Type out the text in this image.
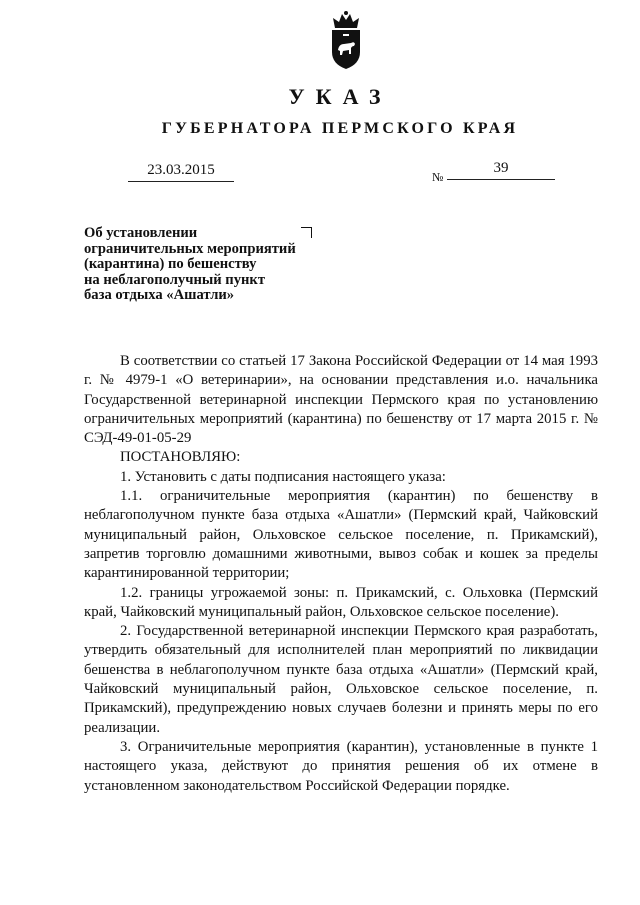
УКАЗ
ГУБЕРНАТОРА ПЕРМСКОГО КРАЯ
23.03.2015	№
39
Об установлении
ограничительных мероприятий
(карантина) по бешенству
на неблагополучный пункт
база отдыха «Ашатли»

В соответствии со статьей 17 Закона Российской Федерации от 14 мая 1993 г. № 4979-1 «О ветеринарии», на основании представления и.о. начальника Государственной ветеринарной инспекции Пермского края по установлению ограничительных мероприятий (карантина) по бешенству от 17 марта 2015 г. № СЭД-49-01-05-29

ПОСТАНОВЛЯЮ:

1. Установить с даты подписания настоящего указа:

1.1. ограничительные мероприятия (карантин) по бешенству в неблагополучном пункте база отдыха «Ашатли» (Пермский край, Чайковский муниципальный район, Ольховское сельское поселение, п. Прикамский), запретив торговлю домашними животными, вывоз собак и кошек за пределы карантинированной территории;

1.2. границы угрожаемой зоны: п. Прикамский, с. Ольховка (Пермский край, Чайковский муниципальный район, Ольховское сельское поселение).

2. Государственной ветеринарной инспекции Пермского края разработать, утвердить обязательный для исполнителей план мероприятий по ликвидации бешенства в неблагополучном пункте база отдыха «Ашатли» (Пермский край, Чайковский муниципальный район, Ольховское сельское поселение, п. Прикамский), предупреждению новых случаев болезни и принять меры по его реализации.

3. Ограничительные мероприятия (карантин), установленные в пункте 1 настоящего указа, действуют до принятия решения об их отмене в установленном законодательством Российской Федерации порядке.
